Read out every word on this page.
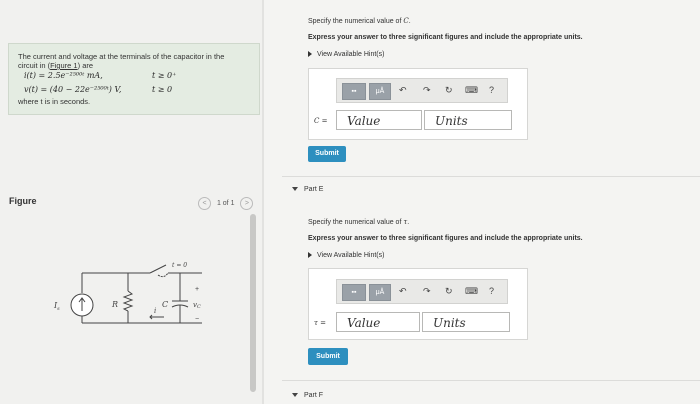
The current and voltage at the terminals of the capacitor in the
circuit in (Figure 1) are
i(t) = 2.5e⁻²⁵⁰⁰ᵗ mA,	t ≥ 0⁺
v(t) = (40 − 22e⁻²⁵⁰⁰ᵗ) V,	t ≥ 0
where t is in seconds.
Figure	< 1 of 1 >
t = 0
$I_s$	R	C	vC
+
−
i
Specify the numerical value of C.
Express your answer to three significant figures and include the appropriate units.
View Available Hint(s)
▪▪	μÅ	↶ ↷ ↻ ⌨ ?
C =	Value	Units
Submit
Part E
Specify the numerical value of τ.
Express your answer to three significant figures and include the appropriate units.
View Available Hint(s)
▪▪	μÅ	↶ ↷ ↻ ⌨ ?
τ =	Value	Units
Submit
Part F
